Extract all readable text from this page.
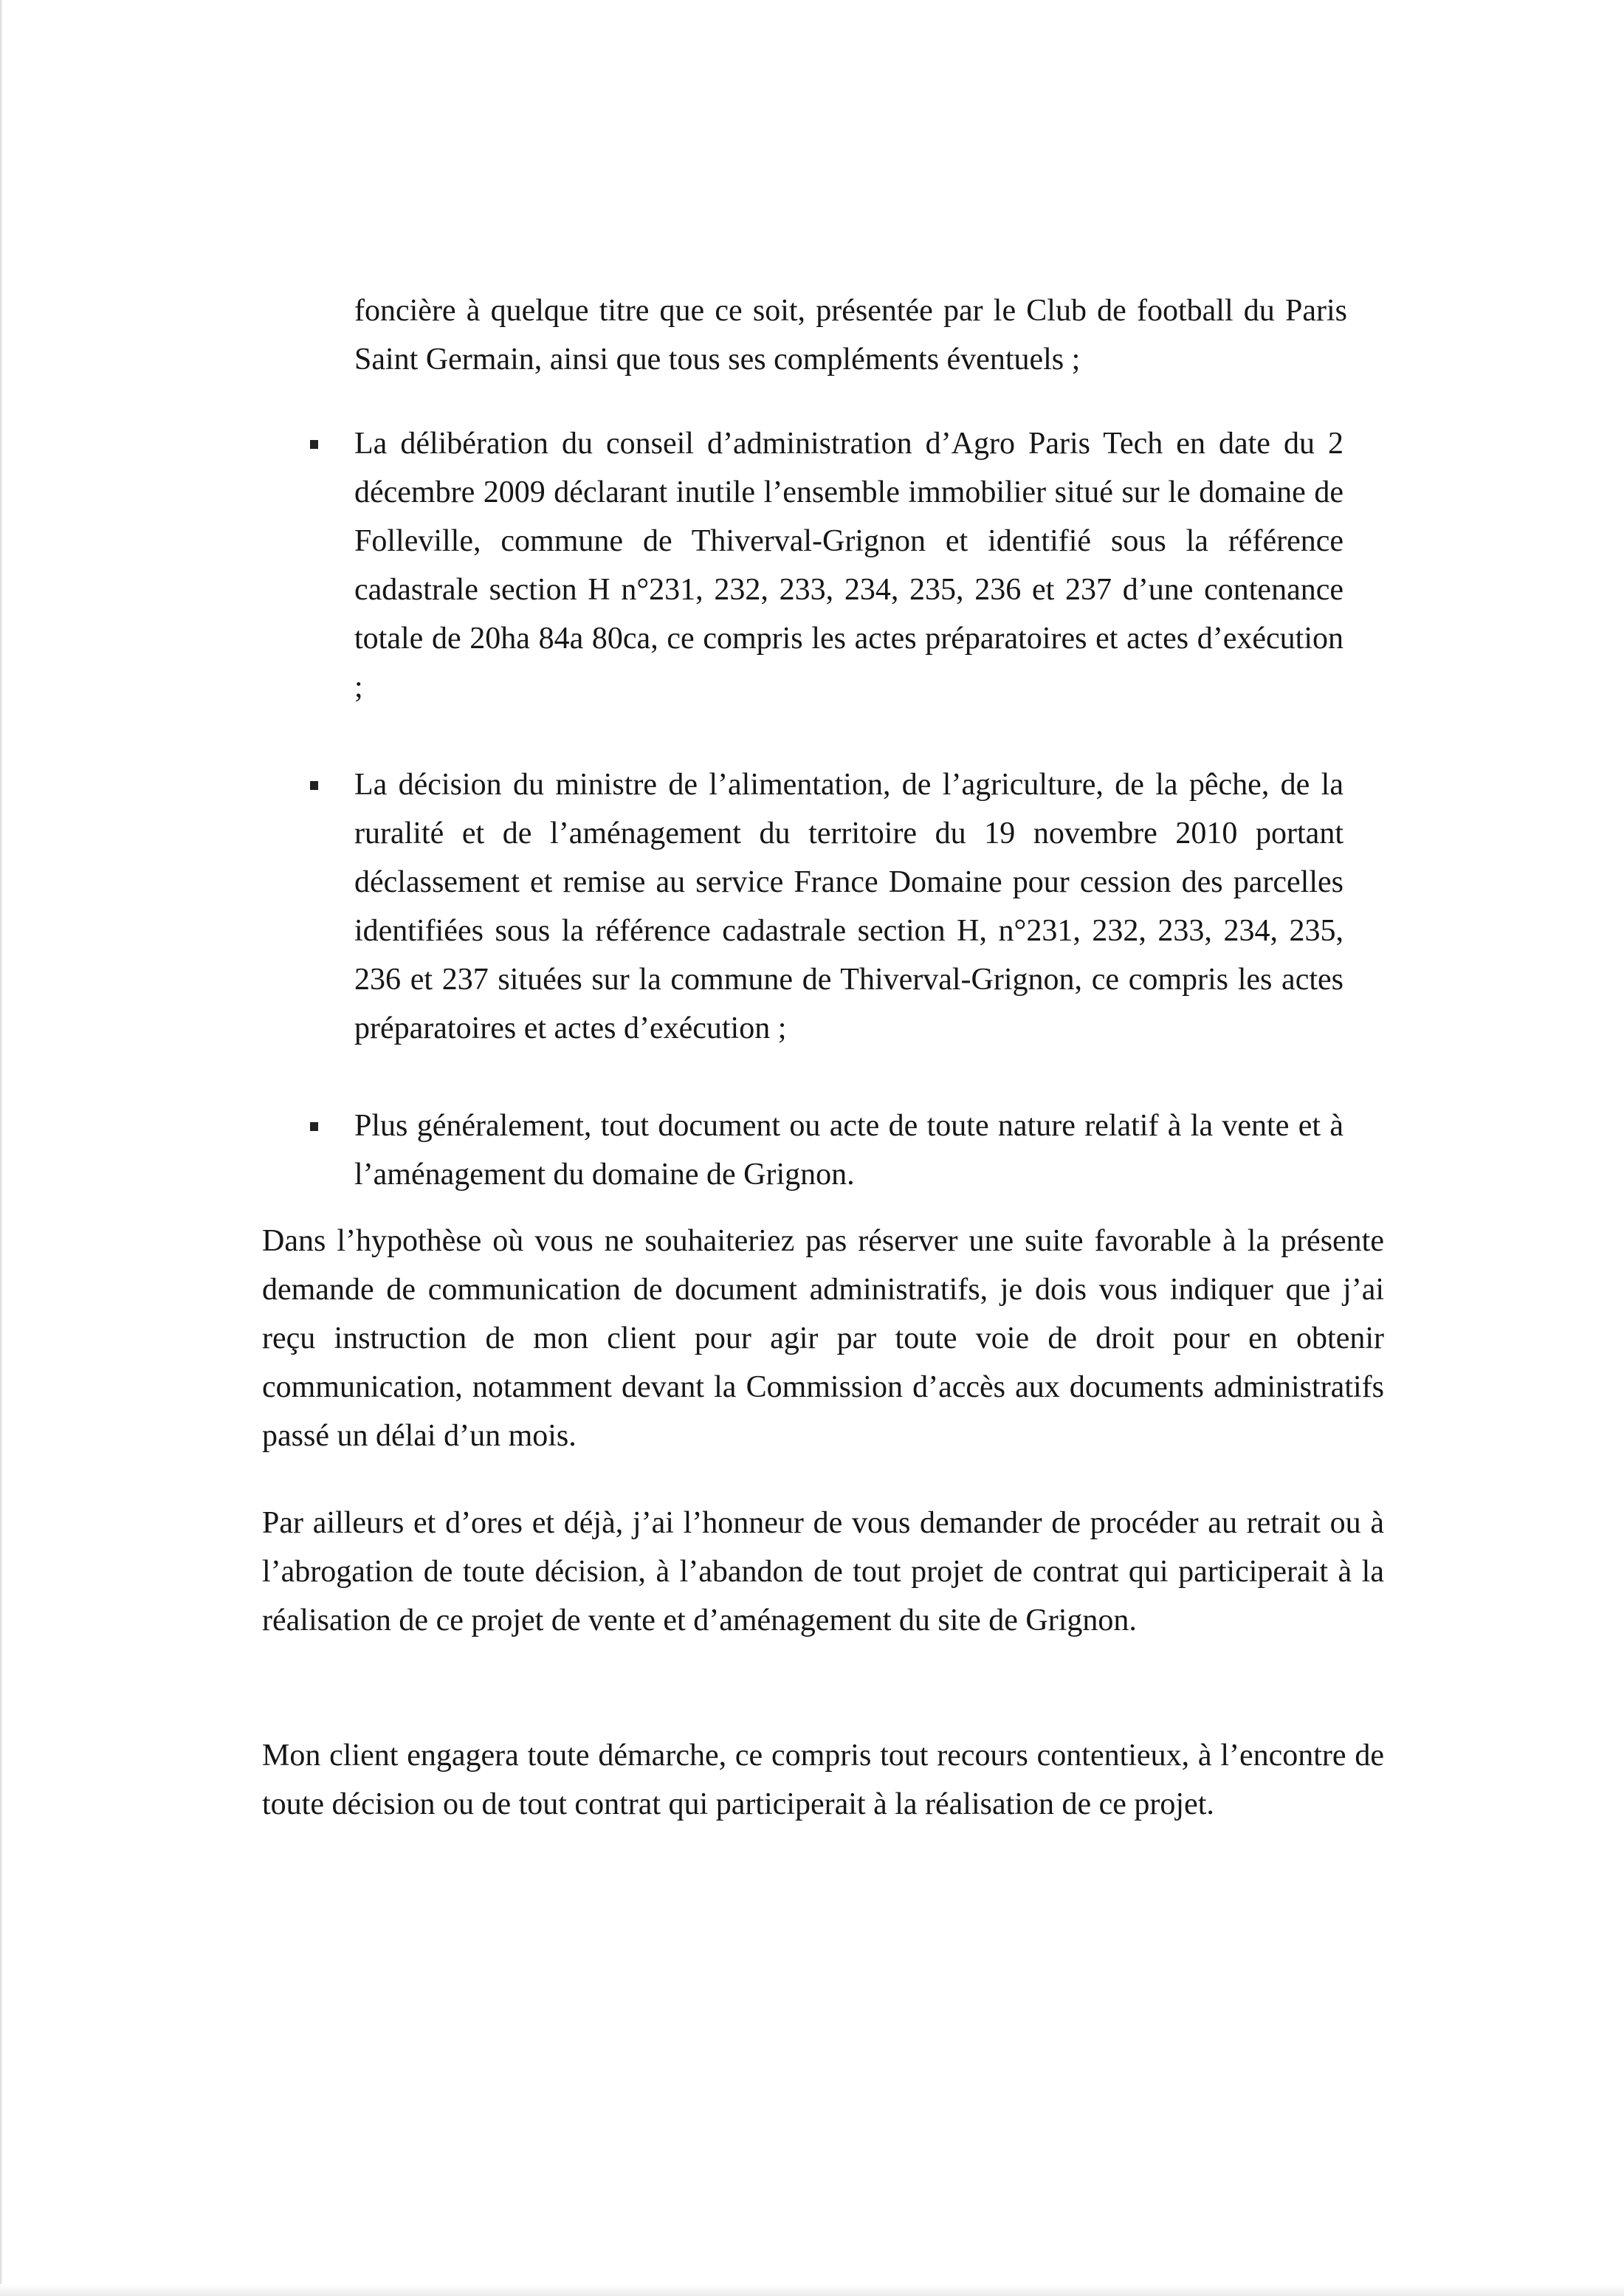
foncière à quelque titre que ce soit, présentée par le Club de football du Paris Saint Germain, ainsi que tous ses compléments éventuels ;

La délibération du conseil d’administration d’Agro Paris Tech en date du 2 décembre 2009 déclarant inutile l’ensemble immobilier situé sur le domaine de Folleville, commune de Thiverval-Grignon et identifié sous la référence cadastrale section H n°231, 232, 233, 234, 235, 236 et 237 d’une contenance totale de 20ha 84a 80ca, ce compris les actes préparatoires et actes d’exécution ;
La décision du ministre de l’alimentation, de l’agriculture, de la pêche, de la ruralité et de l’aménagement du territoire du 19 novembre 2010 portant déclassement et remise au service France Domaine pour cession des parcelles identifiées sous la référence cadastrale section H, n°231, 232, 233, 234, 235, 236 et 237 situées sur la commune de Thiverval-Grignon, ce compris les actes préparatoires et actes d’exécution ;
Plus généralement, tout document ou acte de toute nature relatif à la vente et à l’aménagement du domaine de Grignon.

Dans l’hypothèse où vous ne souhaiteriez pas réserver une suite favorable à la présente demande de communication de document administratifs, je dois vous indiquer que j’ai reçu instruction de mon client pour agir par toute voie de droit pour en obtenir communication, notamment devant la Commission d’accès aux documents administratifs passé un délai d’un mois.

Par ailleurs et d’ores et déjà, j’ai l’honneur de vous demander de procéder au retrait ou à l’abrogation de toute décision, à l’abandon de tout projet de contrat qui participerait à la réalisation de ce projet de vente et d’aménagement du site de Grignon.

Mon client engagera toute démarche, ce compris tout recours contentieux, à l’encontre de toute décision ou de tout contrat qui participerait à la réalisation de ce projet.
